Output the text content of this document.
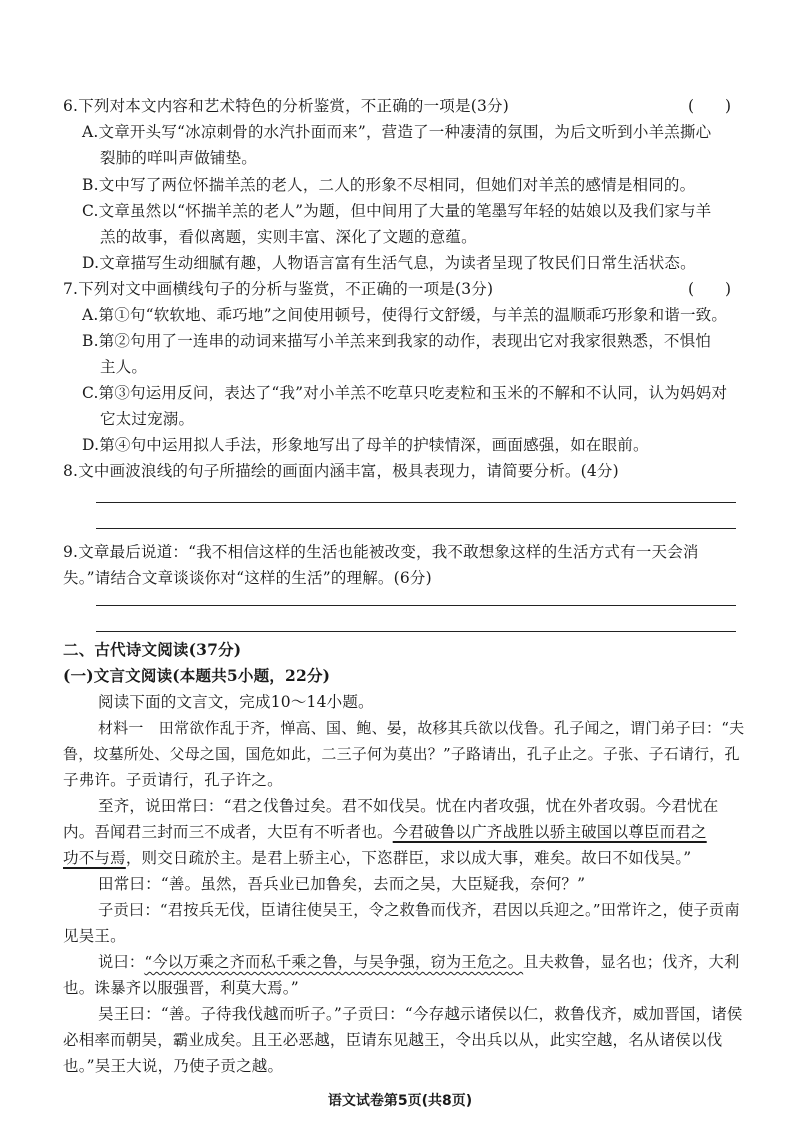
6.下列对本文内容和艺术特色的分析鉴赏，不正确的一项是(3分)	(　　)
A.文章开头写“冰凉刺骨的水汽扑面而来”，营造了一种凄清的氛围，为后文听到小羊羔撕心
裂肺的咩叫声做铺垫。
B.文中写了两位怀揣羊羔的老人，二人的形象不尽相同，但她们对羊羔的感情是相同的。
C.文章虽然以“怀揣羊羔的老人”为题，但中间用了大量的笔墨写年轻的姑娘以及我们家与羊
羔的故事，看似离题，实则丰富、深化了文题的意蕴。
D.文章描写生动细腻有趣，人物语言富有生活气息，为读者呈现了牧民们日常生活状态。
7.下列对文中画横线句子的分析与鉴赏，不正确的一项是(3分)	(　　)
A.第①句“软软地、乖巧地”之间使用顿号，使得行文舒缓，与羊羔的温顺乖巧形象和谐一致。
B.第②句用了一连串的动词来描写小羊羔来到我家的动作，表现出它对我家很熟悉，不惧怕
主人。
C.第③句运用反问，表达了“我”对小羊羔不吃草只吃麦粒和玉米的不解和不认同，认为妈妈对
它太过宠溺。
D.第④句中运用拟人手法，形象地写出了母羊的护犊情深，画面感强，如在眼前。
8.文中画波浪线的句子所描绘的画面内涵丰富，极具表现力，请简要分析。(4分)
9.文章最后说道：“我不相信这样的生活也能被改变，我不敢想象这样的生活方式有一天会消
失。”请结合文章谈谈你对“这样的生活”的理解。(6分)
二、古代诗文阅读(37分)
(一)文言文阅读(本题共5小题，22分)
阅读下面的文言文，完成10～14小题。
材料一　田常欲作乱于齐，惮高、国、鲍、晏，故移其兵欲以伐鲁。孔子闻之，谓门弟子曰：“夫
鲁，坟墓所处、父母之国，国危如此，二三子何为莫出？”子路请出，孔子止之。子张、子石请行，孔
子弗许。子贡请行，孔子许之。
至齐，说田常曰：“君之伐鲁过矣。君不如伐吴。忧在内者攻强，忧在外者攻弱。今君忧在
内。吾闻君三封而三不成者，大臣有不听者也。今君破鲁以广齐战胜以骄主破国以尊臣而君之
功不与焉，则交日疏於主。是君上骄主心，下恣群臣，求以成大事，难矣。故曰不如伐吴。”
田常曰：“善。虽然，吾兵业已加鲁矣，去而之吴，大臣疑我，奈何？”
子贡曰：“君按兵无伐，臣请往使吴王，令之救鲁而伐齐，君因以兵迎之。”田常许之，使子贡南
见吴王。
说曰：“今以万乘之齐而私千乘之鲁，与吴争强，窃为王危之。且夫救鲁，显名也；伐齐，大利
也。诛暴齐以服强晋，利莫大焉。”
吴王曰：“善。子待我伐越而听子。”子贡曰：“今存越示诸侯以仁，救鲁伐齐，威加晋国，诸侯
必相率而朝吴，霸业成矣。且王必恶越，臣请东见越王，令出兵以从，此实空越，名从诸侯以伐
也。”吴王大说，乃使子贡之越。
语文试卷第5页(共8页)
